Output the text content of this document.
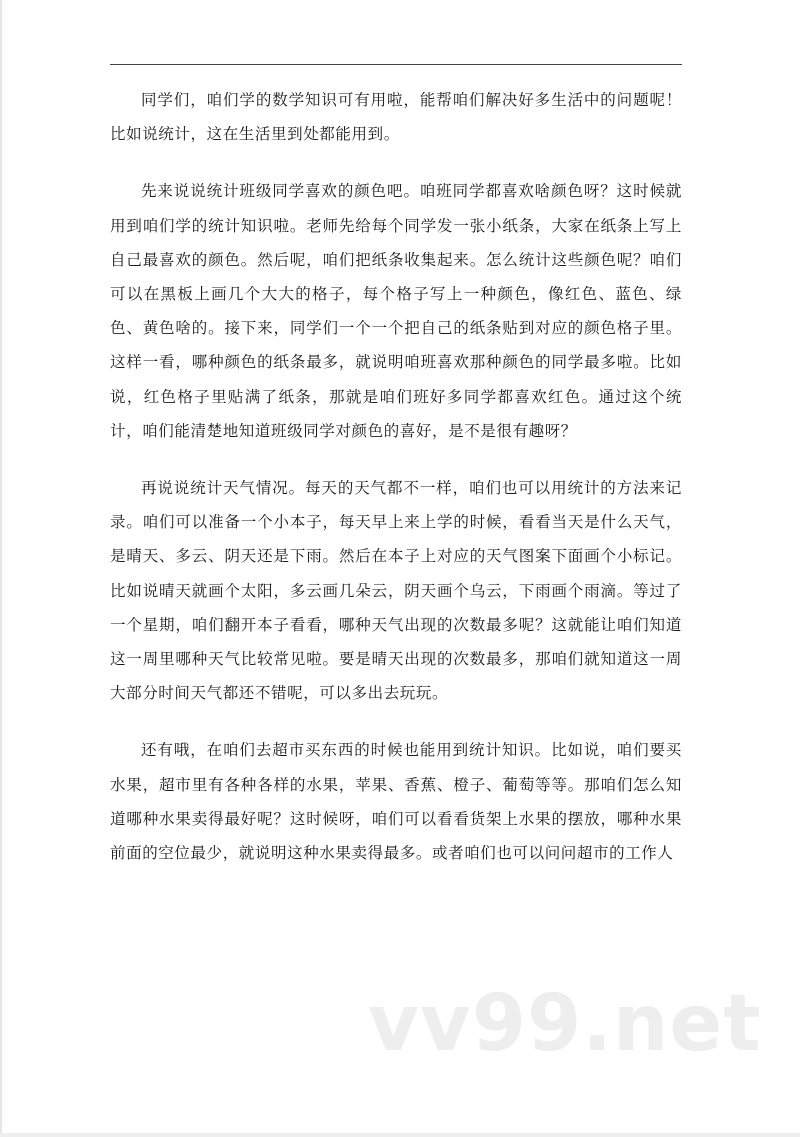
同学们，咱们学的数学知识可有用啦，能帮咱们解决好多生活中的问题呢！比如说统计，这在生活里到处都能用到。

先来说说统计班级同学喜欢的颜色吧。咱班同学都喜欢啥颜色呀？这时候就用到咱们学的统计知识啦。老师先给每个同学发一张小纸条，大家在纸条上写上自己最喜欢的颜色。然后呢，咱们把纸条收集起来。怎么统计这些颜色呢？咱们可以在黑板上画几个大大的格子，每个格子写上一种颜色，像红色、蓝色、绿色、黄色啥的。接下来，同学们一个一个把自己的纸条贴到对应的颜色格子里。这样一看，哪种颜色的纸条最多，就说明咱班喜欢那种颜色的同学最多啦。比如说，红色格子里贴满了纸条，那就是咱们班好多同学都喜欢红色。通过这个统计，咱们能清楚地知道班级同学对颜色的喜好，是不是很有趣呀？

再说说统计天气情况。每天的天气都不一样，咱们也可以用统计的方法来记录。咱们可以准备一个小本子，每天早上来上学的时候，看看当天是什么天气，是晴天、多云、阴天还是下雨。然后在本子上对应的天气图案下面画个小标记。比如说晴天就画个太阳，多云画几朵云，阴天画个乌云，下雨画个雨滴。等过了一个星期，咱们翻开本子看看，哪种天气出现的次数最多呢？这就能让咱们知道这一周里哪种天气比较常见啦。要是晴天出现的次数最多，那咱们就知道这一周大部分时间天气都还不错呢，可以多出去玩玩。

还有哦，在咱们去超市买东西的时候也能用到统计知识。比如说，咱们要买水果，超市里有各种各样的水果，苹果、香蕉、橙子、葡萄等等。那咱们怎么知道哪种水果卖得最好呢？这时候呀，咱们可以看看货架上水果的摆放，哪种水果前面的空位最少，就说明这种水果卖得最多。或者咱们也可以问问超市的工作人

vv99.net
